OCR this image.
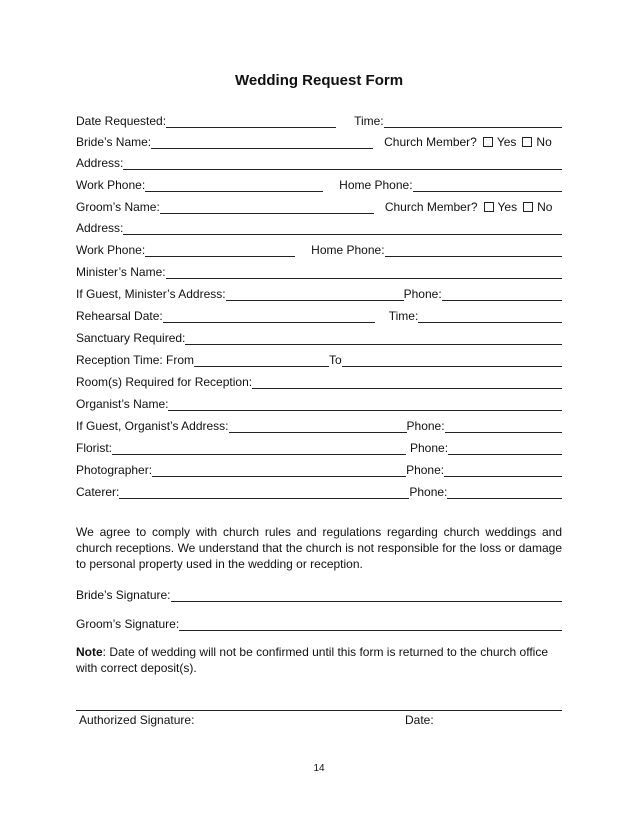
Wedding Request Form
Date Requested:	Time:
Bride’s Name:	Church Member? Yes No
Address:
Work Phone:	Home Phone:
Groom’s Name:	Church Member? Yes No
Address:
Work Phone:	Home Phone:
Minister’s Name:
If Guest, Minister’s Address:	Phone:
Rehearsal Date:	Time:
Sanctuary Required:
Reception Time: From	To
Room(s) Required for Reception:
Organist’s Name:
If Guest, Organist’s Address:	Phone:
Florist:	Phone:
Photographer:	Phone:
Caterer:	Phone:
We agree to comply with church rules and regulations regarding church weddings and church receptions. We understand that the church is not responsible for the loss or damage to personal property used in the wedding or reception.
Bride’s Signature:
Groom’s Signature:
Note: Date of wedding will not be confirmed until this form is returned to the church office with correct deposit(s).
Authorized Signature:	Date:
14
